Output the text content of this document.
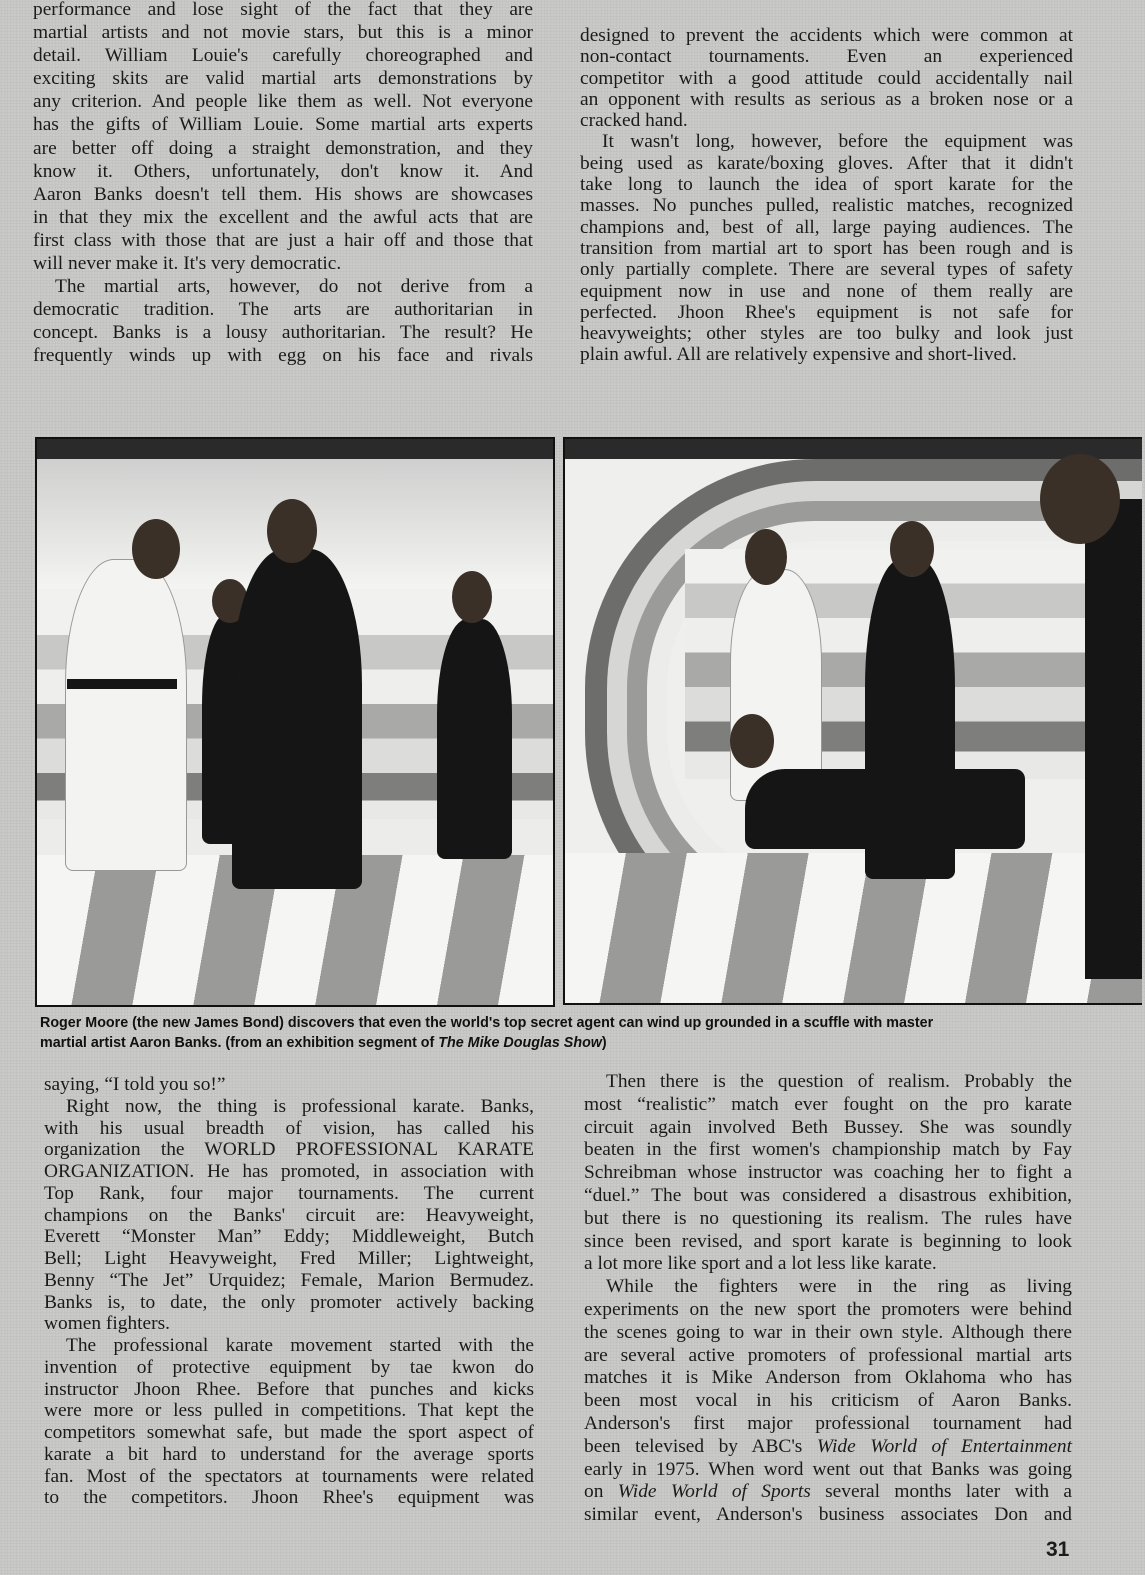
performance and lose sight of the fact that they are
martial artists and not movie stars, but this is a minor
detail. William Louie's carefully choreographed and
exciting skits are valid martial arts demonstrations by
any criterion. And people like them as well. Not everyone
has the gifts of William Louie. Some martial arts experts
are better off doing a straight demonstration, and they
know it. Others, unfortunately, don't know it. And
Aaron Banks doesn't tell them. His shows are showcases
in that they mix the excellent and the awful acts that are
first class with those that are just a hair off and those that
will never make it. It's very democratic.
The martial arts, however, do not derive from a
democratic tradition. The arts are authoritarian in
concept. Banks is a lousy authoritarian. The result? He
frequently winds up with egg on his face and rivals
designed to prevent the accidents which were common at
non-contact tournaments. Even an experienced
competitor with a good attitude could accidentally nail
an opponent with results as serious as a broken nose or a
cracked hand.
It wasn't long, however, before the equipment was
being used as karate/boxing gloves. After that it didn't
take long to launch the idea of sport karate for the
masses. No punches pulled, realistic matches, recognized
champions and, best of all, large paying audiences. The
transition from martial art to sport has been rough and is
only partially complete. There are several types of safety
equipment now in use and none of them really are
perfected. Jhoon Rhee's equipment is not safe for
heavyweights; other styles are too bulky and look just
plain awful. All are relatively expensive and short-lived.
Roger Moore (the new James Bond) discovers that even the world's top secret agent can wind up grounded in a scuffle with master
martial artist Aaron Banks. (from an exhibition segment of The Mike Douglas Show)
saying, “I told you so!”
Right now, the thing is professional karate. Banks,
with his usual breadth of vision, has called his
organization the WORLD PROFESSIONAL KARATE
ORGANIZATION. He has promoted, in association with
Top Rank, four major tournaments. The current
champions on the Banks' circuit are: Heavyweight,
Everett “Monster Man” Eddy; Middleweight, Butch
Bell; Light Heavyweight, Fred Miller; Lightweight,
Benny “The Jet” Urquidez; Female, Marion Bermudez.
Banks is, to date, the only promoter actively backing
women fighters.
The professional karate movement started with the
invention of protective equipment by tae kwon do
instructor Jhoon Rhee. Before that punches and kicks
were more or less pulled in competitions. That kept the
competitors somewhat safe, but made the sport aspect of
karate a bit hard to understand for the average sports
fan. Most of the spectators at tournaments were related
to the competitors. Jhoon Rhee's equipment was
Then there is the question of realism. Probably the
most “realistic” match ever fought on the pro karate
circuit again involved Beth Bussey. She was soundly
beaten in the first women's championship match by Fay
Schreibman whose instructor was coaching her to fight a
“duel.” The bout was considered a disastrous exhibition,
but there is no questioning its realism. The rules have
since been revised, and sport karate is beginning to look
a lot more like sport and a lot less like karate.
While the fighters were in the ring as living
experiments on the new sport the promoters were behind
the scenes going to war in their own style. Although there
are several active promoters of professional martial arts
matches it is Mike Anderson from Oklahoma who has
been most vocal in his criticism of Aaron Banks.
Anderson's first major professional tournament had
been televised by ABC's Wide World of Entertainment
early in 1975. When word went out that Banks was going
on Wide World of Sports several months later with a
similar event, Anderson's business associates Don and
31
